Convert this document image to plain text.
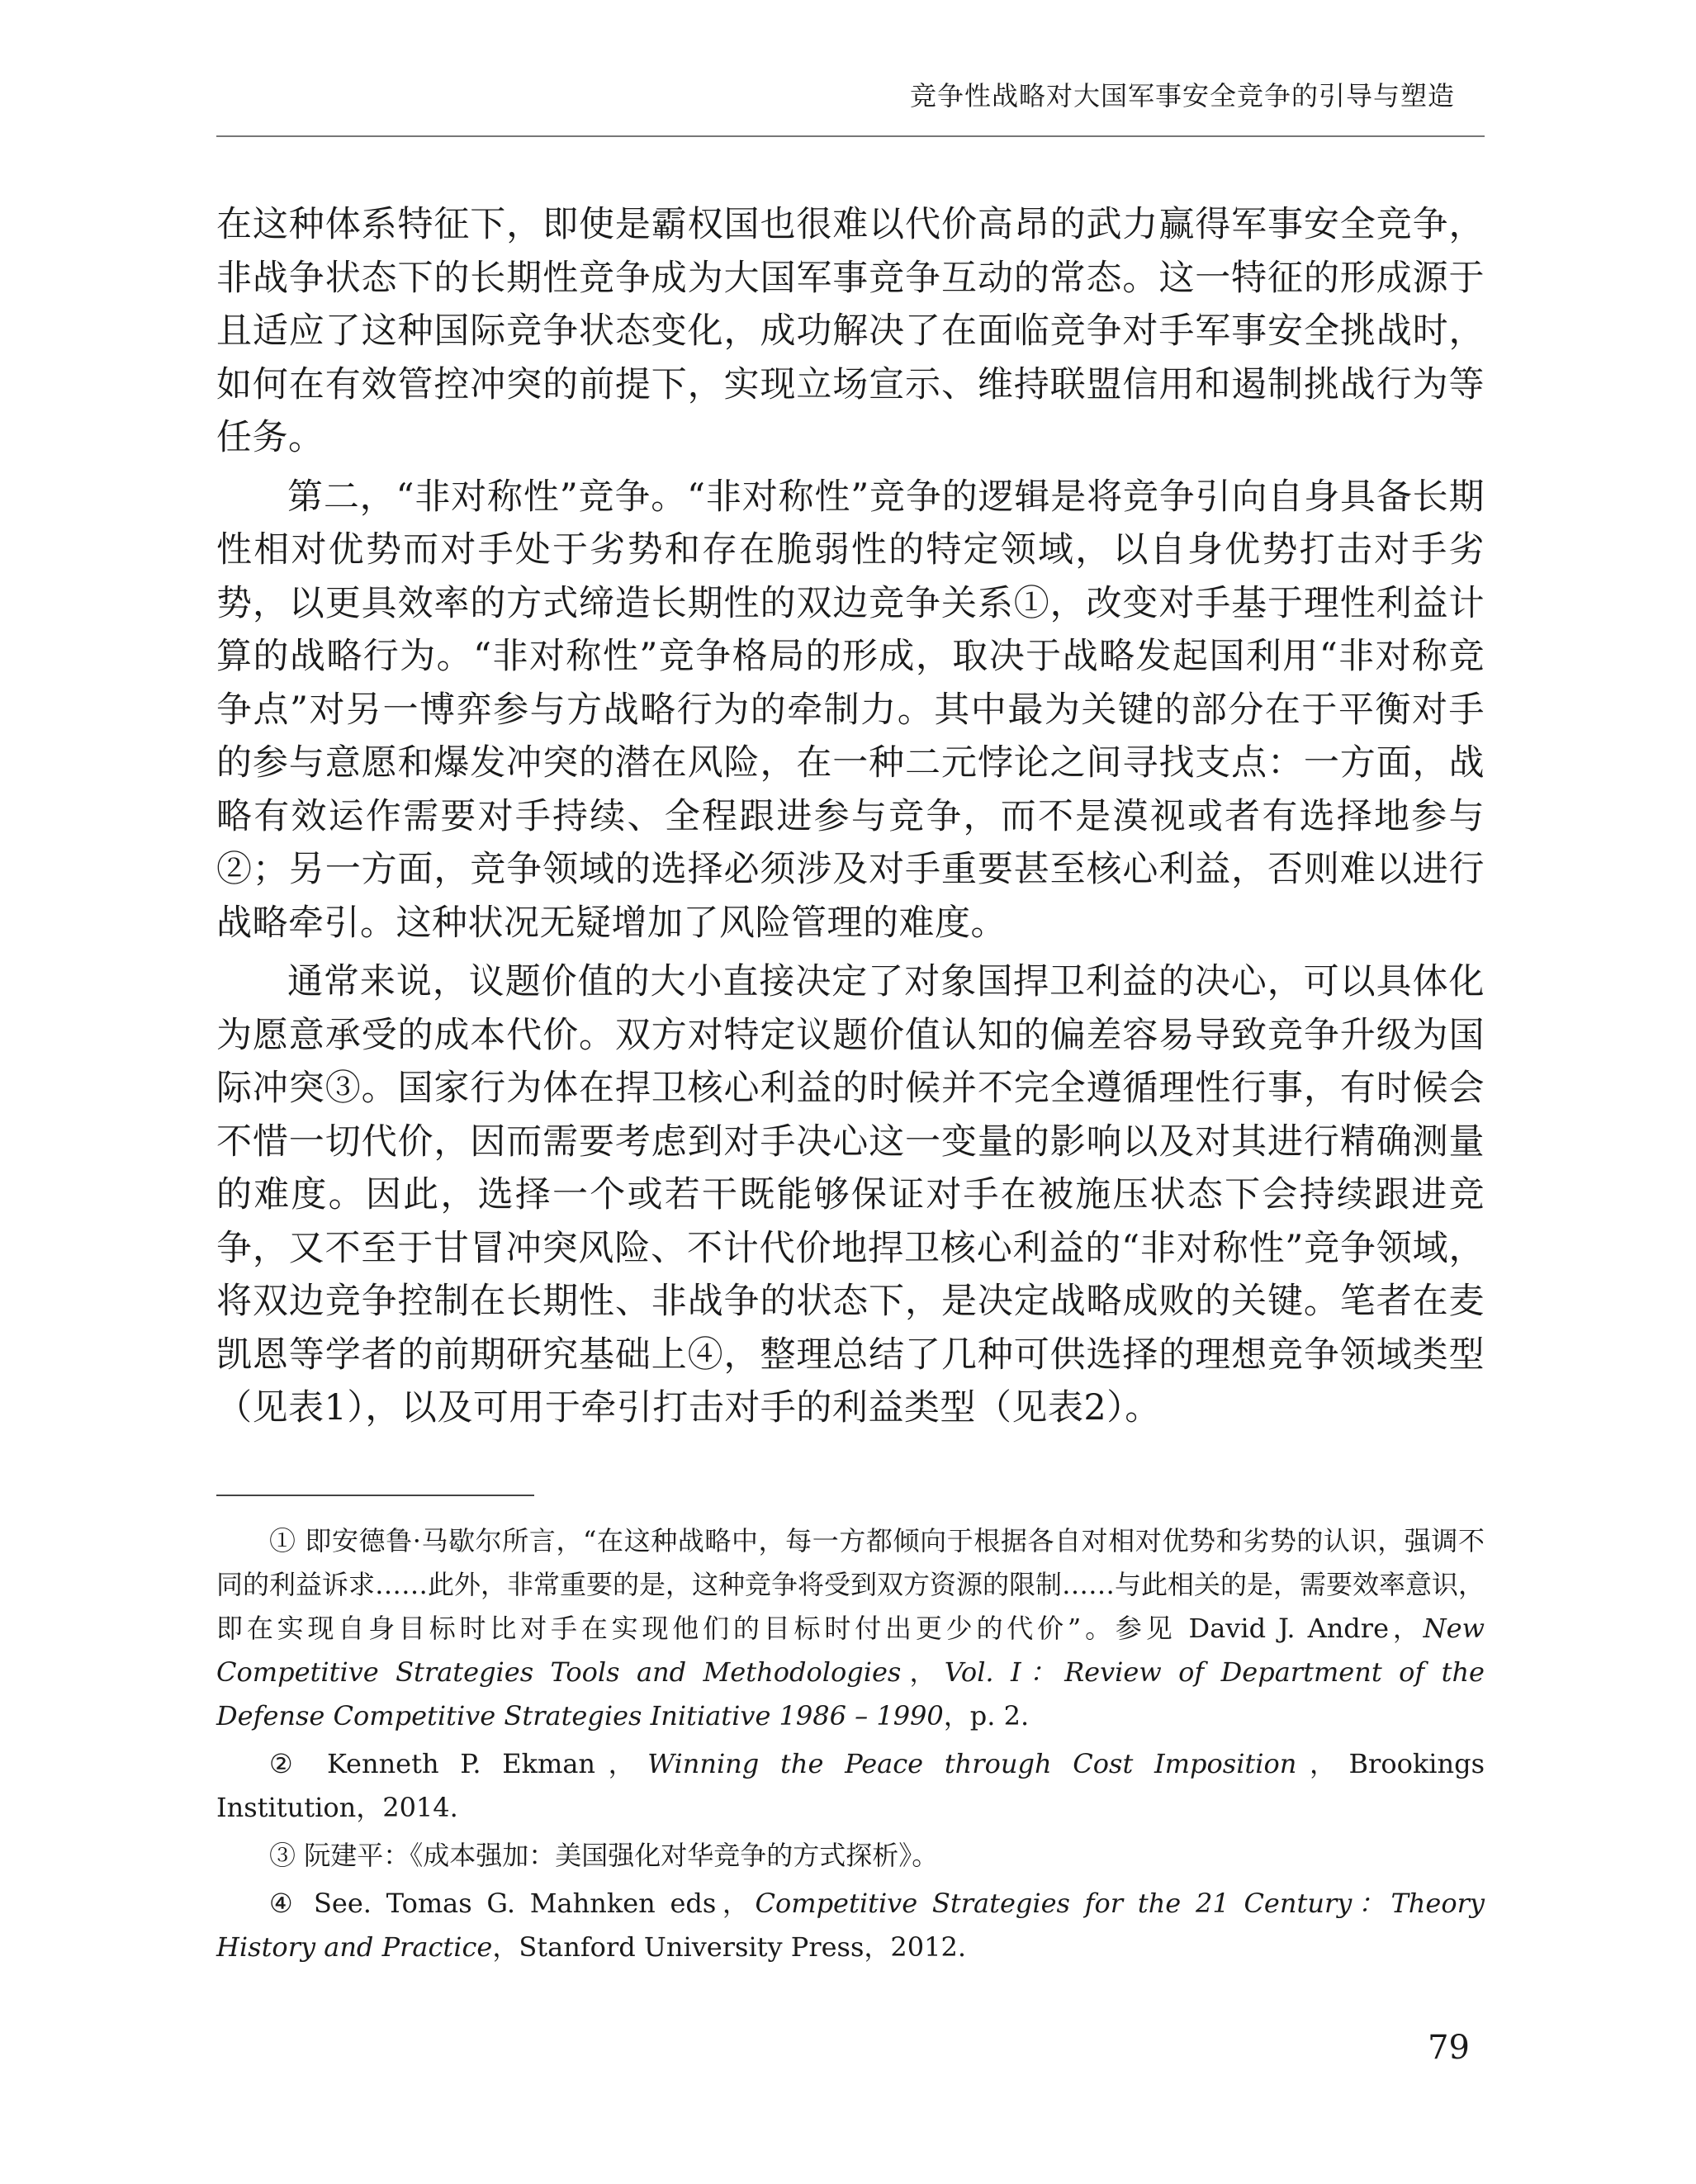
竞争性战略对大国军事安全竞争的引导与塑造

在这种体系特征下，即使是霸权国也很难以代价高昂的武力赢得军事安全竞争，非战争状态下的长期性竞争成为大国军事竞争互动的常态。这一特征的形成源于且适应了这种国际竞争状态变化，成功解决了在面临竞争对手军事安全挑战时，如何在有效管控冲突的前提下，实现立场宣示、维持联盟信用和遏制挑战行为等任务。

第二，“非对称性”竞争。“非对称性”竞争的逻辑是将竞争引向自身具备长期性相对优势而对手处于劣势和存在脆弱性的特定领域，以自身优势打击对手劣势，以更具效率的方式缔造长期性的双边竞争关系①，改变对手基于理性利益计算的战略行为。“非对称性”竞争格局的形成，取决于战略发起国利用“非对称竞争点”对另一博弈参与方战略行为的牵制力。其中最为关键的部分在于平衡对手的参与意愿和爆发冲突的潜在风险，在一种二元悖论之间寻找支点：一方面，战略有效运作需要对手持续、全程跟进参与竞争，而不是漠视或者有选择地参与②；另一方面，竞争领域的选择必须涉及对手重要甚至核心利益，否则难以进行战略牵引。这种状况无疑增加了风险管理的难度。

通常来说，议题价值的大小直接决定了对象国捍卫利益的决心，可以具体化为愿意承受的成本代价。双方对特定议题价值认知的偏差容易导致竞争升级为国际冲突③。国家行为体在捍卫核心利益的时候并不完全遵循理性行事，有时候会不惜一切代价，因而需要考虑到对手决心这一变量的影响以及对其进行精确测量的难度。因此，选择一个或若干既能够保证对手在被施压状态下会持续跟进竞争，又不至于甘冒冲突风险、不计代价地捍卫核心利益的“非对称性”竞争领域，将双边竞争控制在长期性、非战争的状态下，是决定战略成败的关键。笔者在麦凯恩等学者的前期研究基础上④，整理总结了几种可供选择的理想竞争领域类型（见表1），以及可用于牵引打击对手的利益类型（见表2）。

① 即安德鲁·马歇尔所言，“在这种战略中，每一方都倾向于根据各自对相对优势和劣势的认识，强调不同的利益诉求……此外，非常重要的是，这种竞争将受到双方资源的限制……与此相关的是，需要效率意识，即在实现自身目标时比对手在实现他们的目标时付出更少的代价”。参见 David J. Andre，New Competitive Strategies Tools and Methodologies，Vol. I：Review of Department of the Defense Competitive Strategies Initiative 1986 – 1990，p. 2.

② Kenneth P. Ekman，Winning the Peace through Cost Imposition，Brookings Institution，2014.

③ 阮建平：《成本强加：美国强化对华竞争的方式探析》。

④ See. Tomas G. Mahnken eds，Competitive Strategies for the 21 Century：Theory History and Practice，Stanford University Press，2012.

79
